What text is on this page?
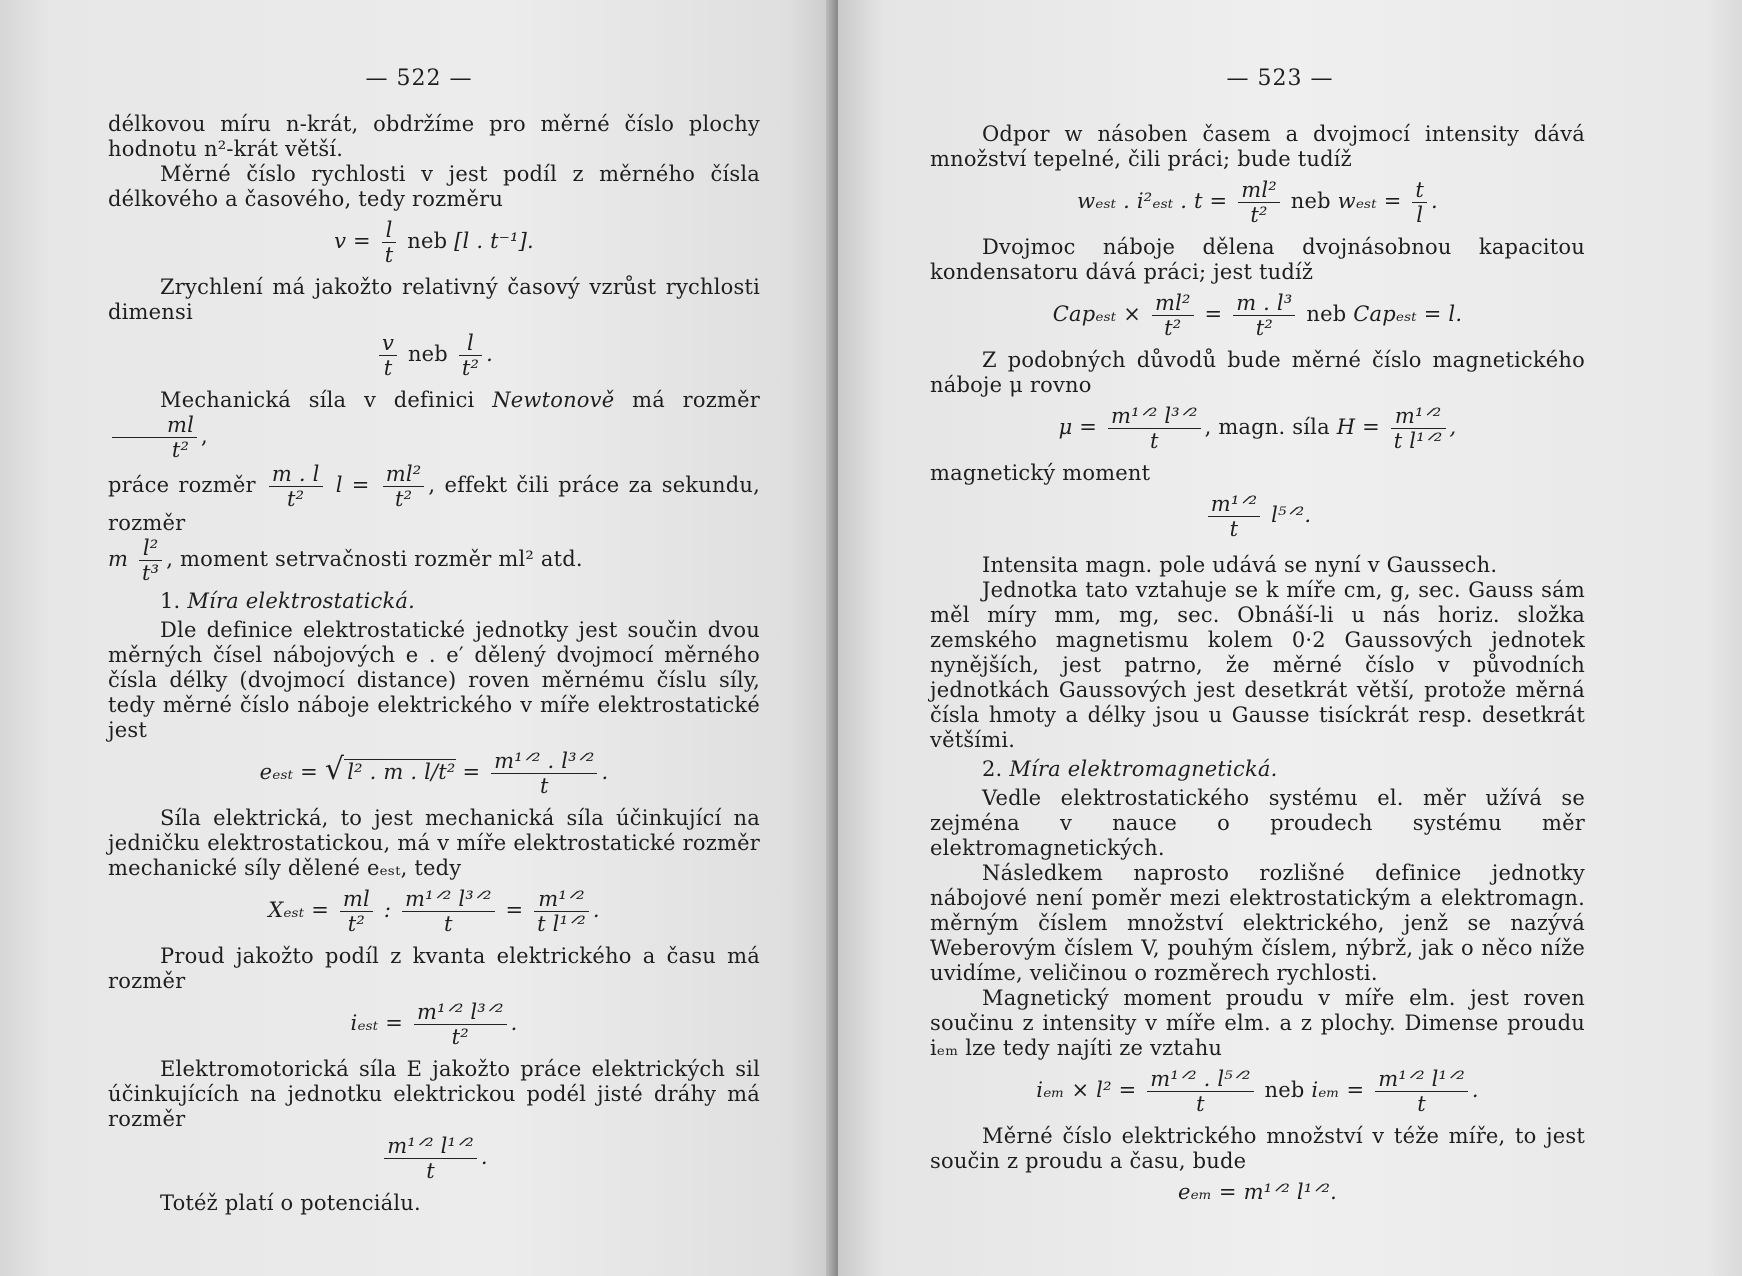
— 522 —

délkovou míru n-krát, obdržíme pro měrné číslo plochy hodnotu n²-krát větší.

Měrné číslo rychlosti v jest podíl z měrného čísla délkového a časového, tedy rozměru

$v = \frac{l}{t}$ neb [l . t⁻¹].

Zrychlení má jakožto relativný časový vzrůst rychlosti dimensi

$\frac{v}{t}$ neb $\frac{l}{\text{t²}}$ .

Mechanická síla v definici Newtonově má rozměr
$\frac{ml}{\text{t²}}$ ,

práce rozměr $\frac{m . l}{\text{t²}}$ $l = \frac{\text{ml²}}{\text{t²}}$ , effekt čili práce za sekundu, rozměr

m $\frac{\text{l²}}{\text{t³}}$ , moment setrvačnosti rozměr ml² atd.

1. Míra elektrostatická.

Dle definice elektrostatické jednotky jest součin dvou měrných čísel nábojových e . e′ dělený dvojmocí měrného čísla délky (dvojmocí distance) roven měrnému číslu síly, tedy měrné číslo náboje elektrického v míře elektrostatické jest

eₑₛₜ = √ l² . m . $l/t^2 = \frac{\text{m¹ᐟ² . l³ᐟ²}}{t}$ .

Síla elektrická, to jest mechanická síla účinkující na jedničku elektrostatickou, má v míře elektrostatické rozměr mechanické síly dělené eₑₛₜ, tedy

$X_{est} = \frac{ml}{\text{t²}}$ : $\frac{\text{m¹ᐟ² l³ᐟ²}}{t} = \frac{\text{m¹ᐟ²}}{\text{t l¹ᐟ²}}$ .

Proud jakožto podíl z kvanta elektrického a času má rozměr

$i_{est} = \frac{\text{m¹ᐟ² l³ᐟ²}}{\text{t²}}$ .

Elektromotorická síla E jakožto práce elektrických sil účinkujících na jednotku elektrickou podél jisté dráhy má rozměr

$\frac{\text{m¹ᐟ² l¹ᐟ²}}{t}$ .

Totéž platí o potenciálu.

— 523 —

Odpor w násoben časem a dvojmocí intensity dává množství tepelné, čili práci; bude tudíž

wₑₛₜ . i²ₑₛₜ . $t = \frac{\text{ml²}}{\text{t²}}$ neb $w_{est} = \frac{t}{l}$ .

Dvojmoc náboje dělena dvojnásobnou kapacitou kondensatoru dává práci; jest tudíž

$Cap_{est} \times \frac{\text{ml²}}{\text{t²}} = \frac{\text{m . l³}}{\text{t²}}$ neb Capₑₛₜ = l.

Z podobných důvodů bude měrné číslo magnetického náboje μ rovno

$\mu = \frac{\text{m¹ᐟ² l³ᐟ²}}{t}$ , magn. síla $H = \frac{\text{m¹ᐟ²}}{\text{t l¹ᐟ²}}$ ,

magnetický moment

$\frac{\text{m¹ᐟ²}}{t}$ l⁵ᐟ².

Intensita magn. pole udává se nyní v Gaussech.

Jednotka tato vztahuje se k míře cm, g, sec. Gauss sám měl míry mm, mg, sec. Obnáší-li u nás horiz. složka zemského magnetismu kolem 0·2 Gaussových jednotek nynějších, jest patrno, že měrné číslo v původních jednotkách Gaussových jest desetkrát větší, protože měrná čísla hmoty a délky jsou u Gausse tisíckrát resp. desetkrát většími.

2. Míra elektromagnetická.

Vedle elektrostatického systému el. měr užívá se zejména v nauce o proudech systému měr elektromagnetických.

Následkem naprosto rozlišné definice jednotky nábojové není poměr mezi elektrostatickým a elektromagn. měrným číslem množství elektrického, jenž se nazývá Weberovým číslem V, pouhým číslem, nýbrž, jak o něco níže uvidíme, veličinou o rozměrech rychlosti.

Magnetický moment proudu v míře elm. jest roven součinu z intensity v míře elm. a z plochy. Dimense proudu iₑₘ lze tedy najíti ze vztahu

$i_{em} \times l^2 = \frac{\text{m¹ᐟ² . l⁵ᐟ²}}{t}$ neb $i_{em} = \frac{\text{m¹ᐟ² l¹ᐟ²}}{t}$ .

Měrné číslo elektrického množství v téže míře, to jest součin z proudu a času, bude

eₑₘ = m¹ᐟ² l¹ᐟ².
